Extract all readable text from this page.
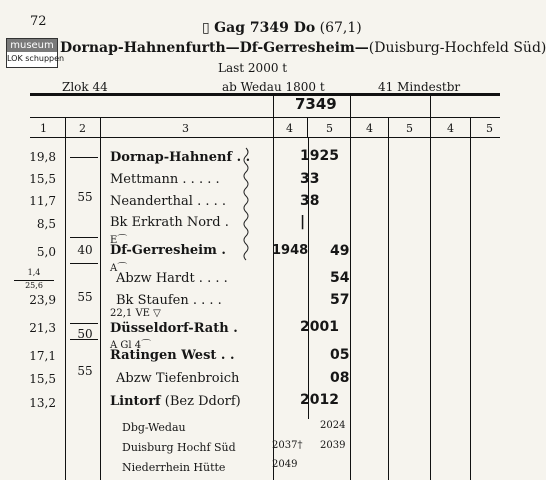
72
museum
LOK schuppen
▯ Gag 7349 Do (67,1)
Dornap-Hahnenfurth—Df-Gerresheim—(Duisburg-Hochfeld Süd)
Last 2000 t
Zlok 44	ab Wedau 1800 t	41 Mindestbr
7349
1	2	3	4	5	4	5	4	5
19,8	Dornap-Hahnenf . .	1925
15,5	Mettmann . . . . .	33
11,7	55	Neanderthal . . . .	38
8,5	Bk Erkrath Nord .	|
E⌒
5,0	40	Df-Gerresheim .	1948 49
A⌒
1,4
25,6	Abzw Hardt . . . .	54
23,9	55	Bk Staufen . . . .	57
22,1 VE ▽
21,3	50	Düsseldorf-Rath .	2001
A Gl 4⌒
17,1	Ratingen West . .	05
15,5
55	Abzw Tiefenbroich	08
13,2	Lintorf (Bez Ddorf)	2012
Dbg-Wedau	2024
Duisburg Hochf Süd	2037† 2039
Niederrhein Hütte	2049
